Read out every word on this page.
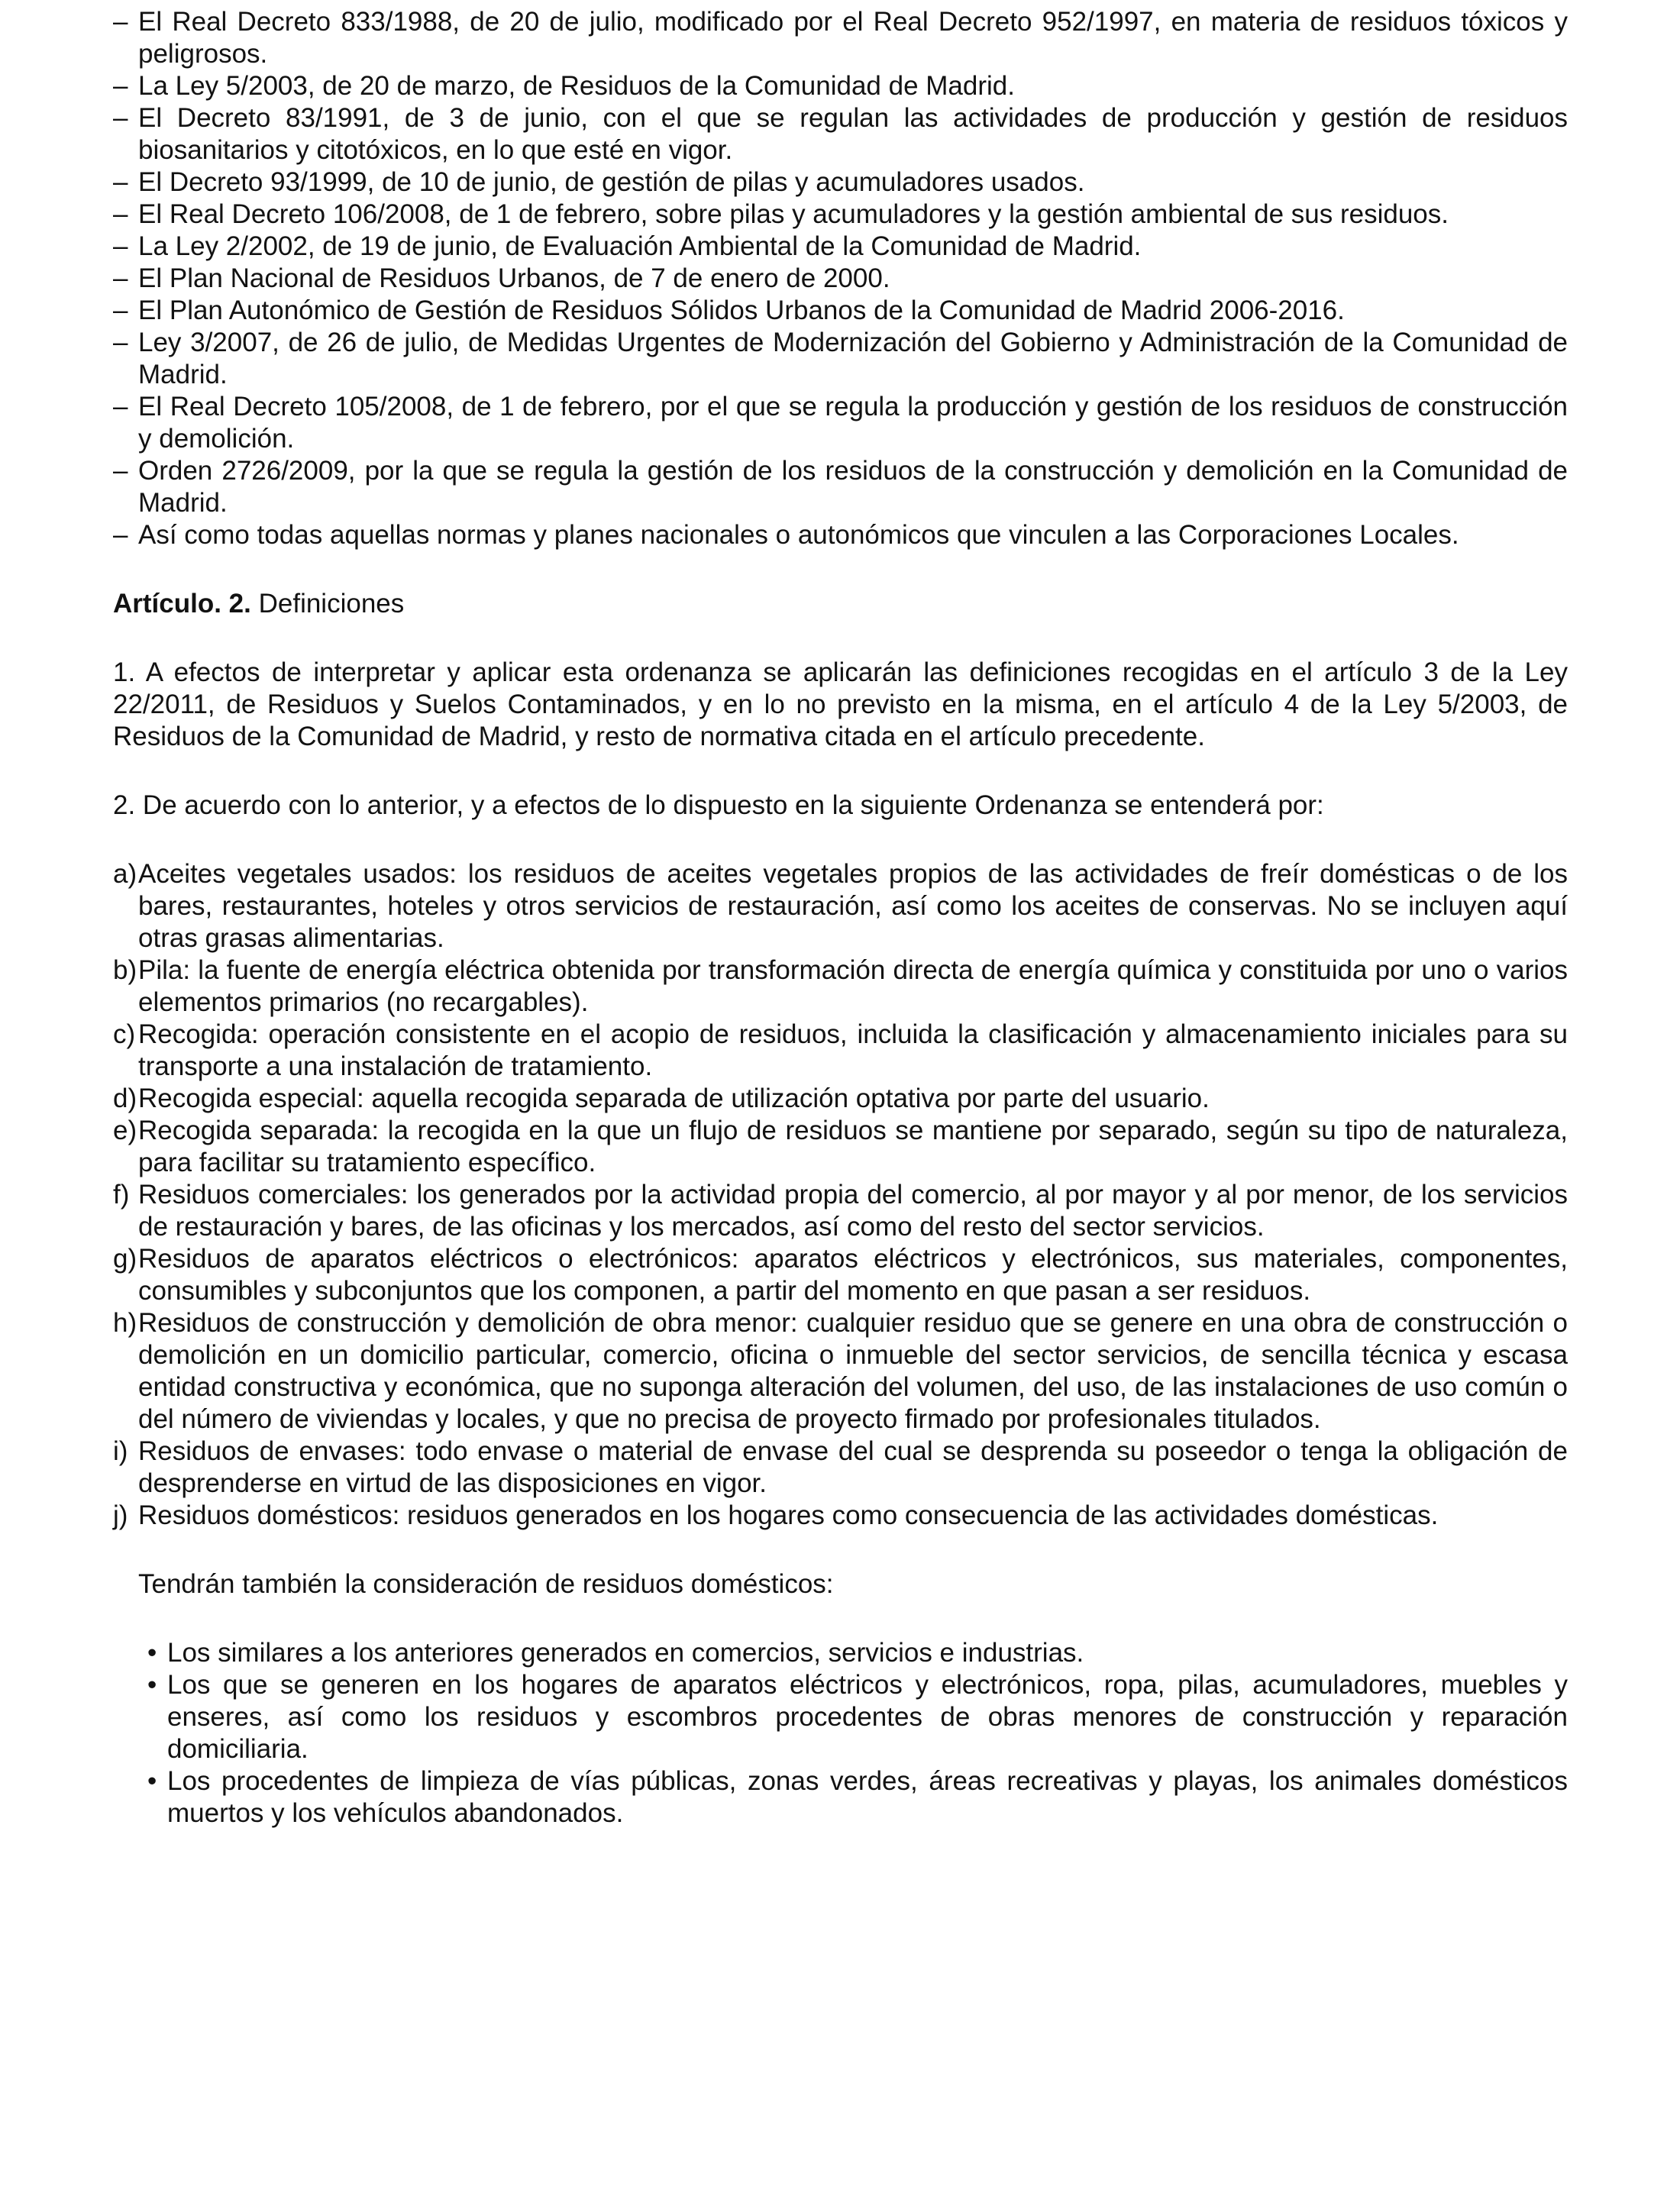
– El Real Decreto 833/1988, de 20 de julio, modificado por el Real Decreto 952/1997, en materia de residuos tóxicos y peligrosos.
– La Ley 5/2003, de 20 de marzo, de Residuos de la Comunidad de Madrid.
– El Decreto 83/1991, de 3 de junio, con el que se regulan las actividades de producción y gestión de residuos biosanitarios y citotóxicos, en lo que esté en vigor.
– El Decreto 93/1999, de 10 de junio, de gestión de pilas y acumuladores usados.
– El Real Decreto 106/2008, de 1 de febrero, sobre pilas y acumuladores y la gestión ambiental de sus residuos.
– La Ley 2/2002, de 19 de junio, de Evaluación Ambiental de la Comunidad de Madrid.
– El Plan Nacional de Residuos Urbanos, de 7 de enero de 2000.
– El Plan Autonómico de Gestión de Residuos Sólidos Urbanos de la Comunidad de Madrid 2006-2016.
– Ley 3/2007, de 26 de julio, de Medidas Urgentes de Modernización del Gobierno y Administración de la Comunidad de Madrid.
– El Real Decreto 105/2008, de 1 de febrero, por el que se regula la producción y gestión de los residuos de construcción y demolición.
– Orden 2726/2009, por la que se regula la gestión de los residuos de la construcción y demolición en la Comunidad de Madrid.
– Así como todas aquellas normas y planes nacionales o autonómicos que vinculen a las Corporaciones Locales.

Artículo. 2. Definiciones

1. A efectos de interpretar y aplicar esta ordenanza se aplicarán las definiciones recogidas en el artículo 3 de la Ley 22/2011, de Residuos y Suelos Contaminados, y en lo no previsto en la misma, en el artículo 4 de la Ley 5/2003, de Residuos de la Comunidad de Madrid, y resto de normativa citada en el artículo precedente.

2. De acuerdo con lo anterior, y a efectos de lo dispuesto en la siguiente Ordenanza se entenderá por:

a) Aceites vegetales usados: los residuos de aceites vegetales propios de las actividades de freír domésticas o de los bares, restaurantes, hoteles y otros servicios de restauración, así como los aceites de conservas. No se incluyen aquí otras grasas alimentarias.
b) Pila: la fuente de energía eléctrica obtenida por transformación directa de energía química y constituida por uno o varios elementos primarios (no recargables).
c) Recogida: operación consistente en el acopio de residuos, incluida la clasificación y almacenamiento iniciales para su transporte a una instalación de tratamiento.
d) Recogida especial: aquella recogida separada de utilización optativa por parte del usuario.
e) Recogida separada: la recogida en la que un flujo de residuos se mantiene por separado, según su tipo de naturaleza, para facilitar su tratamiento específico.
f) Residuos comerciales: los generados por la actividad propia del comercio, al por mayor y al por menor, de los servicios de restauración y bares, de las oficinas y los mercados, así como del resto del sector servicios.
g) Residuos de aparatos eléctricos o electrónicos: aparatos eléctricos y electrónicos, sus materiales, componentes, consumibles y subconjuntos que los componen, a partir del momento en que pasan a ser residuos.
h) Residuos de construcción y demolición de obra menor: cualquier residuo que se genere en una obra de construcción o demolición en un domicilio particular, comercio, oficina o inmueble del sector servicios, de sencilla técnica y escasa entidad constructiva y económica, que no suponga alteración del volumen, del uso, de las instalaciones de uso común o del número de viviendas y locales, y que no precisa de proyecto firmado por profesionales titulados.
i) Residuos de envases: todo envase o material de envase del cual se desprenda su poseedor o tenga la obligación de desprenderse en virtud de las disposiciones en vigor.
j) Residuos domésticos: residuos generados en los hogares como consecuencia de las actividades domésticas.

Tendrán también la consideración de residuos domésticos:

• Los similares a los anteriores generados en comercios, servicios e industrias.
• Los que se generen en los hogares de aparatos eléctricos y electrónicos, ropa, pilas, acumuladores, muebles y enseres, así como los residuos y escombros procedentes de obras menores de construcción y reparación domiciliaria.
• Los procedentes de limpieza de vías públicas, zonas verdes, áreas recreativas y playas, los animales domésticos muertos y los vehículos abandonados.
